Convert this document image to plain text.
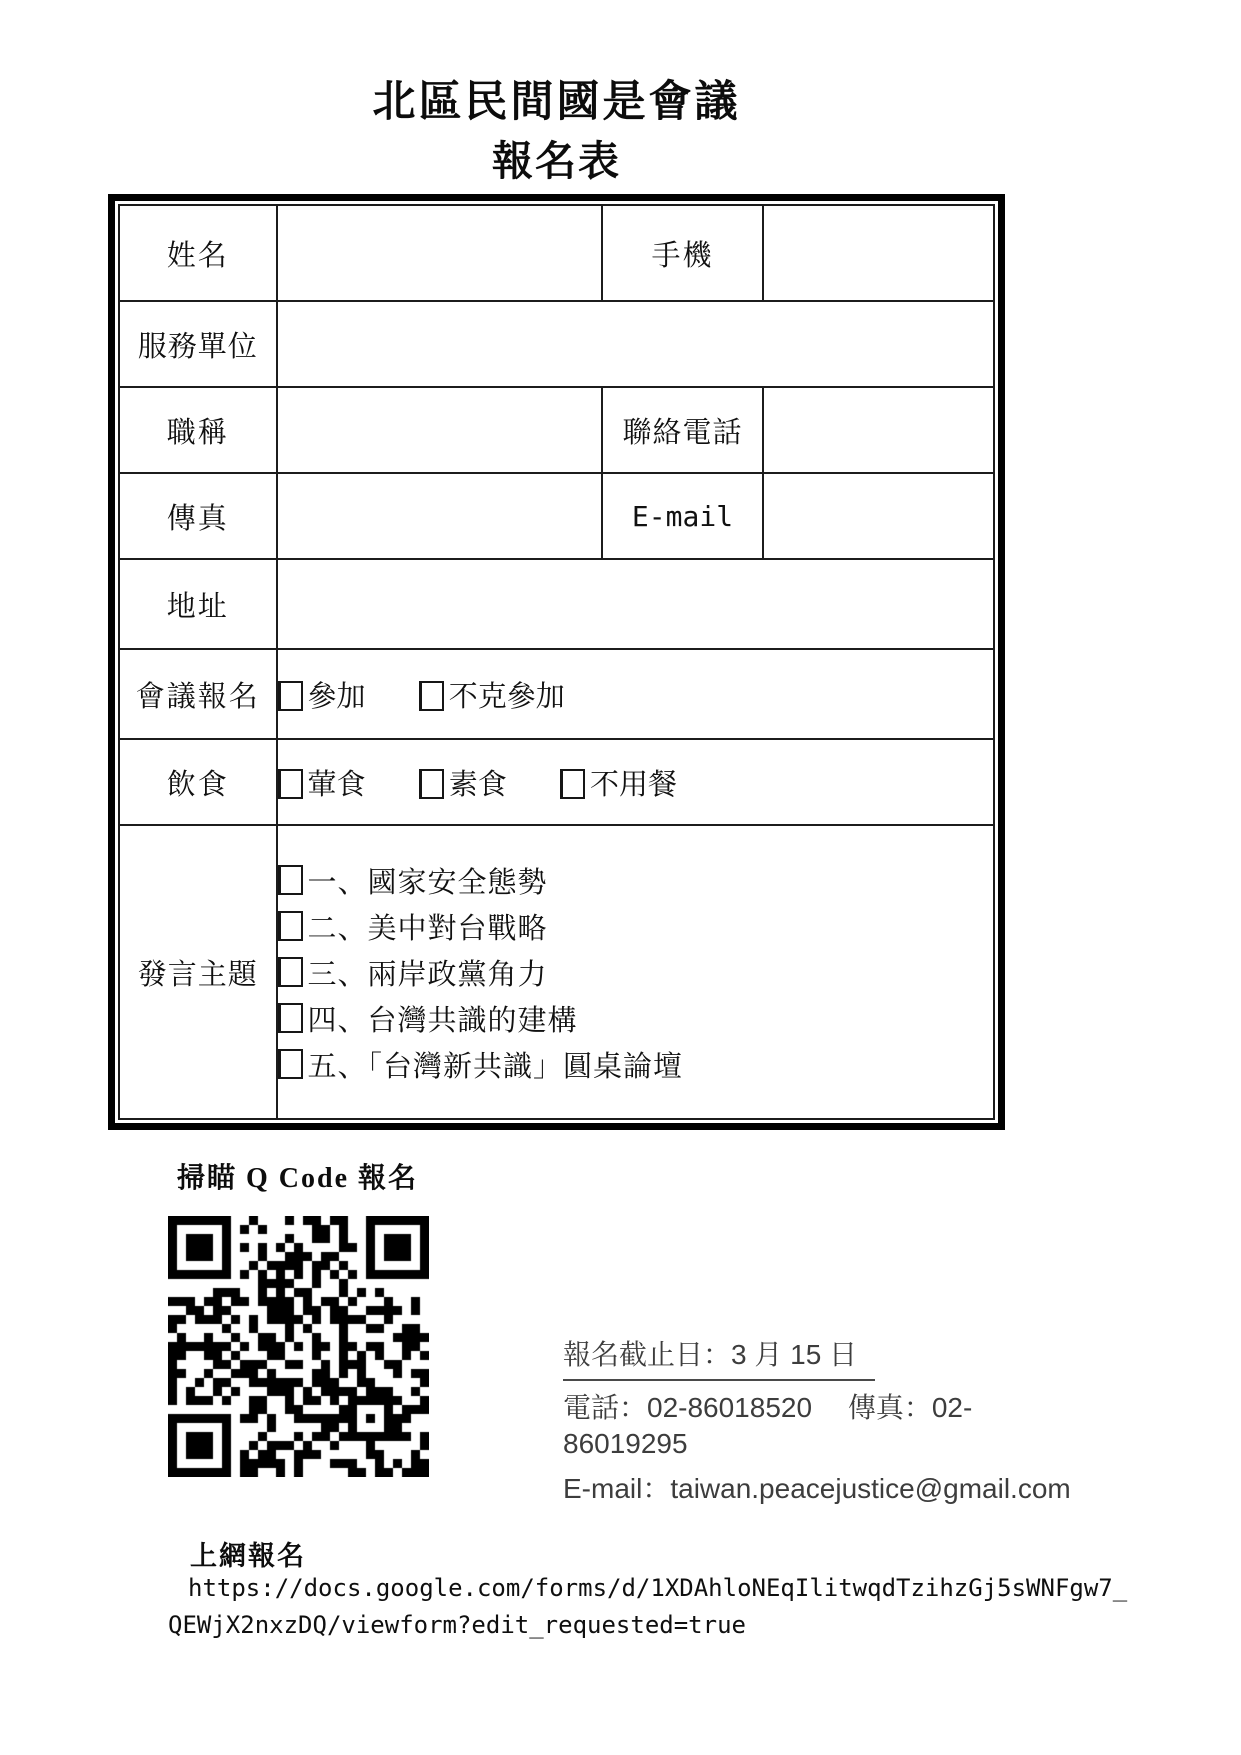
北區民間國是會議
報名表
姓名		手機	
服務單位			
職稱		聯絡電話	
傳真		E-mail	
地址			
會議報名	參加 不克參加		
飲食	葷食 素食 不用餐		
發言主題	一、國家安全態勢
二、美中對台戰略
三、兩岸政黨角力
四、台灣共識的建構
五、「台灣新共識」圓桌論壇		
掃瞄 Q Code 報名
報名截止日：3 月 15 日
電話：02-86018520　 傳真：02-86019295
E-mail：taiwan.peacejustice@gmail.com
上網報名
https://docs.google.com/forms/d/1XDAhloNEqIlitwqdTzihzGj5sWNFgw7_
QEWjX2nxzDQ/viewform?edit_requested=true
